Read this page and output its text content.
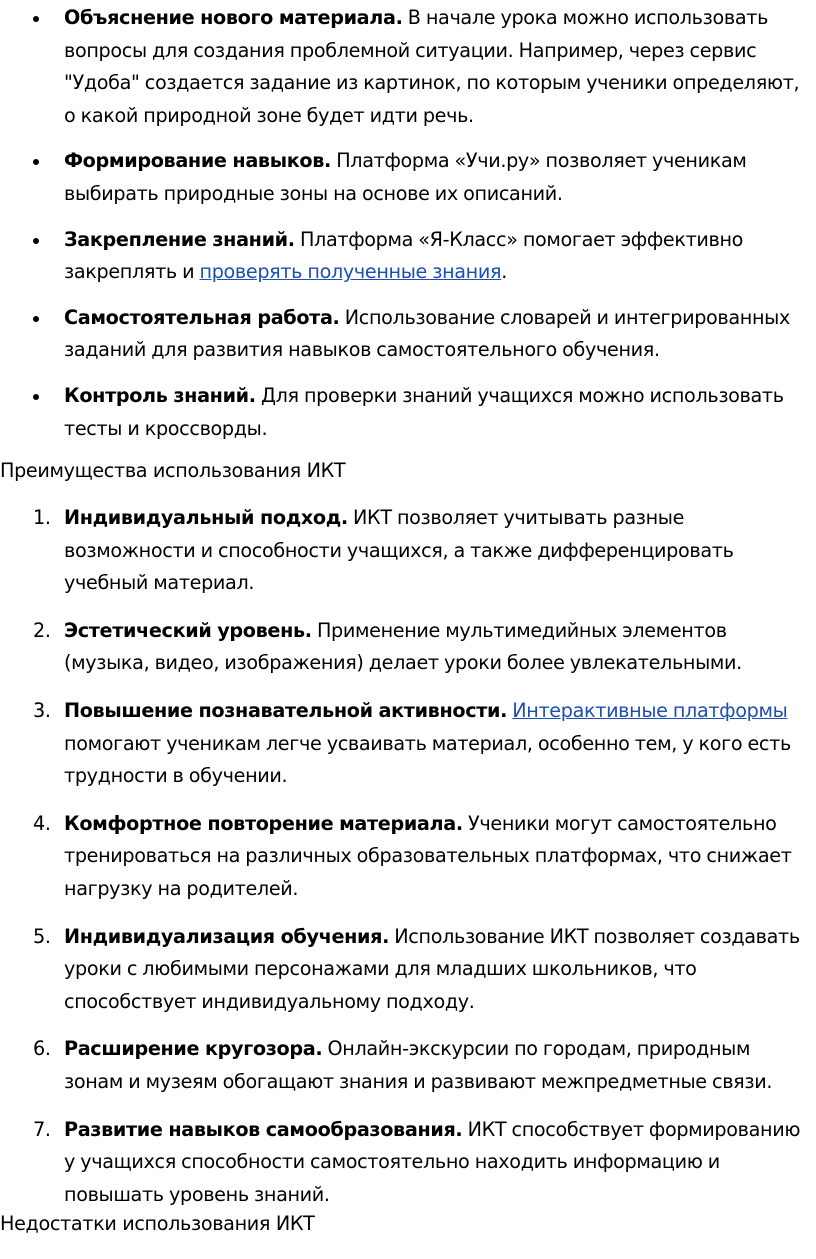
Объяснение нового материала. В начале урока можно использовать вопросы для создания проблемной ситуации. Например, через сервис "Удоба" создается задание из картинок, по которым ученики определяют, о какой природной зоне будет идти речь.
Формирование навыков. Платформа «Учи.ру» позволяет ученикам выбирать природные зоны на основе их описаний.
Закрепление знаний. Платформа «Я-Класс» помогает эффективно закреплять и проверять полученные знания.
Самостоятельная работа. Использование словарей и интегрированных заданий для развития навыков самостоятельного обучения.
Контроль знаний. Для проверки знаний учащихся можно использовать тесты и кроссворды.

Преимущества использования ИКТ

1. Индивидуальный подход. ИКТ позволяет учитывать разные возможности и способности учащихся, а также дифференцировать учебный материал.
2. Эстетический уровень. Применение мультимедийных элементов (музыка, видео, изображения) делает уроки более увлекательными.
3. Повышение познавательной активности. Интерактивные платформы помогают ученикам легче усваивать материал, особенно тем, у кого есть трудности в обучении.
4. Комфортное повторение материала. Ученики могут самостоятельно тренироваться на различных образовательных платформах, что снижает нагрузку на родителей.
5. Индивидуализация обучения. Использование ИКТ позволяет создавать уроки с любимыми персонажами для младших школьников, что способствует индивидуальному подходу.
6. Расширение кругозора. Онлайн-экскурсии по городам, природным зонам и музеям обогащают знания и развивают межпредметные связи.
7. Развитие навыков самообразования. ИКТ способствует формированию у учащихся способности самостоятельно находить информацию и повышать уровень знаний.

Недостатки использования ИКТ
